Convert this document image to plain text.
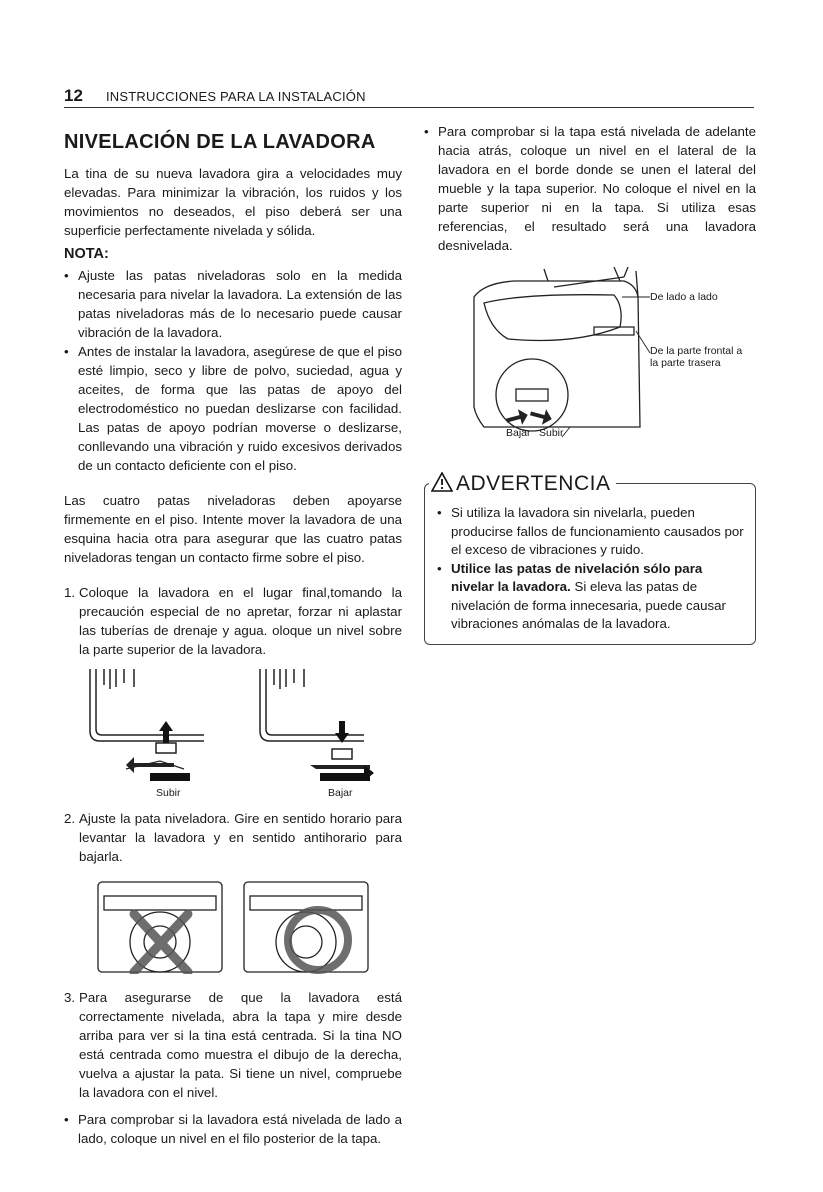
12 INSTRUCCIONES PARA LA INSTALACIÓN
NIVELACIÓN DE LA LAVADORA

La tina de su nueva lavadora gira a velocidades muy elevadas. Para minimizar la vibración, los ruidos y los movimientos no deseados, el piso deberá ser una superficie perfectamente nivelada y sólida.

NOTA:
• Ajuste las patas niveladoras solo en la medida necesaria para nivelar la lavadora. La extensión de las patas niveladoras más de lo necesario puede causar vibración de la lavadora.
• Antes de instalar la lavadora, asegúrese de que el piso esté limpio, seco y libre de polvo, suciedad, agua y aceites, de forma que las patas de apoyo del electrodoméstico no puedan deslizarse con facilidad. Las patas de apoyo podrían moverse o deslizarse, conllevando una vibración y ruido excesivos derivados de un contacto deficiente con el piso.

Las cuatro patas niveladoras deben apoyarse firmemente en el piso. Intente mover la lavadora de una esquina hacia otra para asegurar que las cuatro patas niveladoras tengan un contacto firme sobre el piso.

1. Coloque la lavadora en el lugar final,tomando la precaución especial de no apretar, forzar ni aplastar las tuberías de drenaje y agua. oloque un nivel sobre la parte superior de la lavadora.
Subir	Bajar
2. Ajuste la pata niveladora. Gire en sentido horario para levantar la lavadora y en sentido antihorario para bajarla.
3. Para asegurarse de que la lavadora está correctamente nivelada, abra la tapa y mire desde arriba para ver si la tina está centrada. Si la tina NO está centrada como muestra el dibujo de la derecha, vuelva a ajustar la pata. Si tiene un nivel, compruebe la lavadora con el nivel.
• Para comprobar si la lavadora está nivelada de lado a lado, coloque un nivel en el filo posterior de la tapa.
• Para comprobar si la tapa está nivelada de adelante hacia atrás, coloque un nivel en el lateral de la lavadora en el borde donde se unen el lateral del mueble y la tapa superior. No coloque el nivel en la parte superior ni en la tapa. Si utiliza esas referencias, el resultado será una lavadora desnivelada.
De lado a lado
De la parte frontal a la parte trasera
Bajar Subir
ADVERTENCIA
• Si utiliza la lavadora sin nivelarla, pueden producirse fallos de funcionamiento causados por el exceso de vibraciones y ruido.
• Utilice las patas de nivelación sólo para nivelar la lavadora. Si eleva las patas de nivelación de forma innecesaria, puede causar vibraciones anómalas de la lavadora.
